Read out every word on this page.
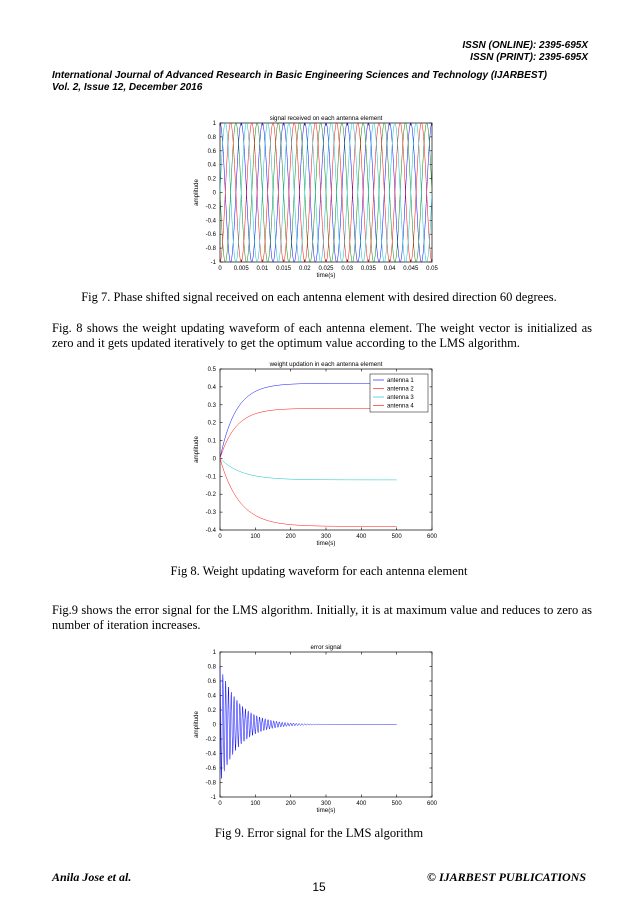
ISSN (ONLINE): 2395-695X
ISSN (PRINT): 2395-695X
International Journal of Advanced Research in Basic Engineering Sciences and Technology (IJARBEST)
Vol. 2, Issue 12, December 2016
0 0.005 0.01 0.015 0.02 0.025 0.03 0.035 0.04 0.045 0.05
-1
-0.8
-0.6
-0.4
-0.2
0
0.2
0.4
0.6
0.8
1
signal received on each antenna element
time(s)
amplitude
0	100	200	300	400	500	600
-0.4
-0.3
-0.2
-0.1
0
0.1
0.2
0.3
0.4
0.5
weight updation in each antenna element
time(s)
amplitude
antenna 1
antenna 2
antenna 3
antenna 4
0	100	200	300	400	500	600
-1
-0.8
-0.6
-0.4
-0.2
0
0.2
0.4
0.6
0.8
1
error signal
time(s)
amplitude
Fig 7. Phase shifted signal received on each antenna element with desired direction 60 degrees.
Fig. 8 shows the weight updating waveform of each antenna element. The weight vector is initialized as zero and it gets updated iteratively to get the optimum value according to the LMS algorithm.
Fig 8. Weight updating waveform for each antenna element
Fig.9 shows the error signal for the LMS algorithm. Initially, it is at maximum value and reduces to zero as number of iteration increases.
Fig 9. Error signal for the LMS algorithm
Anila Jose et al.	© IJARBEST PUBLICATIONS
15
